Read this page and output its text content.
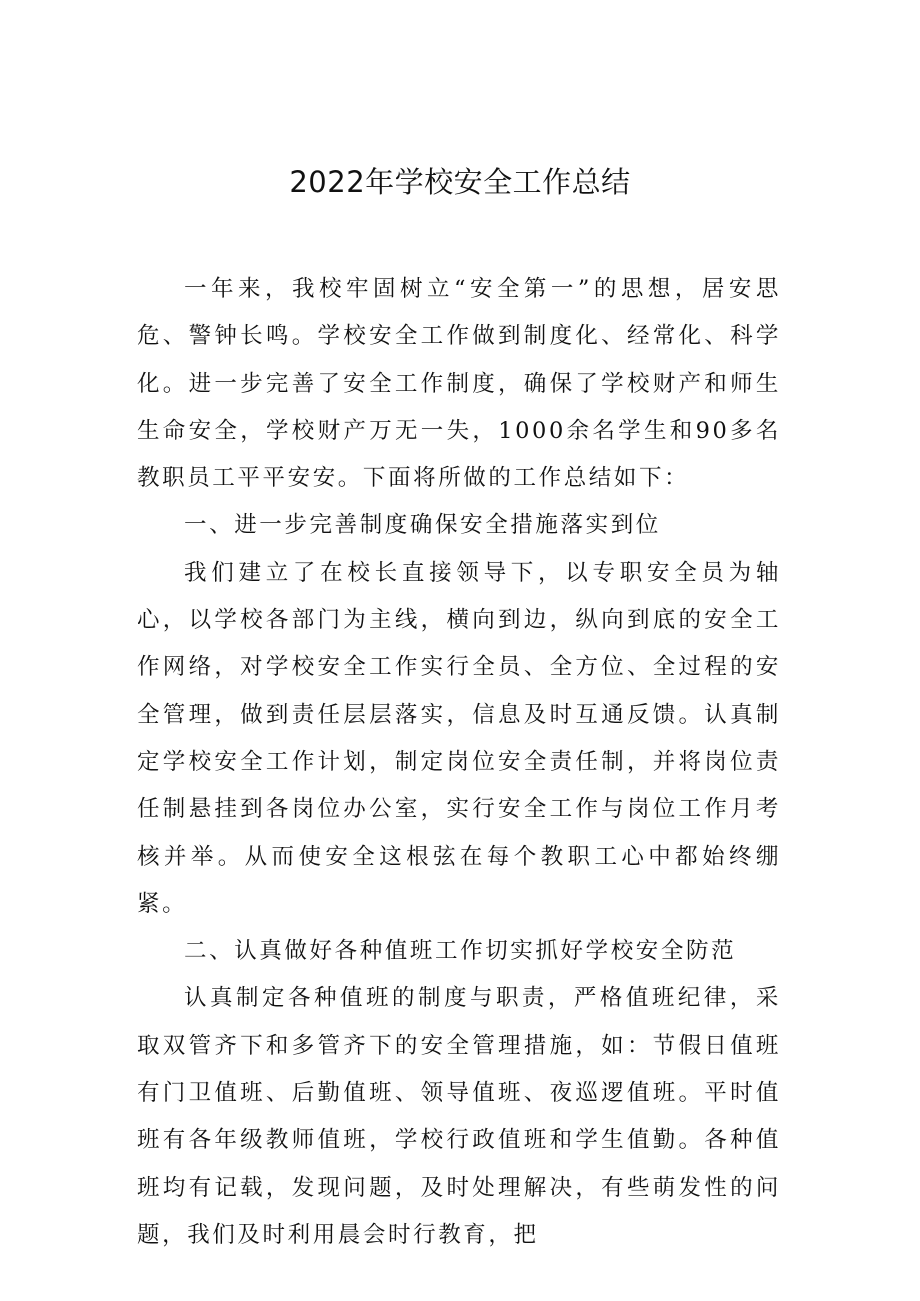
2022年学校安全工作总结

一年来，我校牢固树立“安全第一”的思想，居安思危、警钟长鸣。学校安全工作做到制度化、经常化、科学化。进一步完善了安全工作制度，确保了学校财产和师生生命安全，学校财产万无一失，1000余名学生和90多名教职员工平平安安。下面将所做的工作总结如下：

一、进一步完善制度确保安全措施落实到位

我们建立了在校长直接领导下，以专职安全员为轴心，以学校各部门为主线，横向到边，纵向到底的安全工作网络，对学校安全工作实行全员、全方位、全过程的安全管理，做到责任层层落实，信息及时互通反馈。认真制定学校安全工作计划，制定岗位安全责任制，并将岗位责任制悬挂到各岗位办公室，实行安全工作与岗位工作月考核并举。从而使安全这根弦在每个教职工心中都始终绷紧。

二、认真做好各种值班工作切实抓好学校安全防范

认真制定各种值班的制度与职责，严格值班纪律，采取双管齐下和多管齐下的安全管理措施，如：节假日值班有门卫值班、后勤值班、领导值班、夜巡逻值班。平时值班有各年级教师值班，学校行政值班和学生值勤。各种值班均有记载，发现问题，及时处理解决，有些萌发性的问题，我们及时利用晨会时行教育，把
